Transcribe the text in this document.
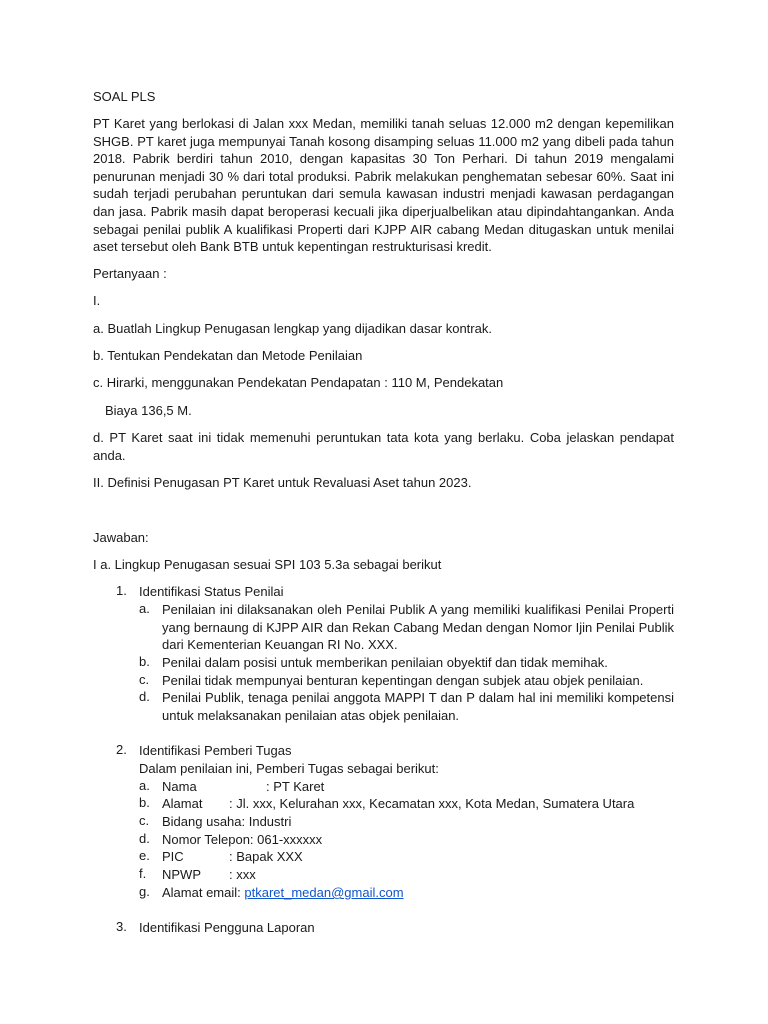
SOAL PLS

PT Karet yang berlokasi di Jalan xxx Medan, memiliki tanah seluas 12.000 m2 dengan kepemilikan SHGB. PT karet juga mempunyai Tanah kosong disamping seluas 11.000 m2 yang dibeli pada tahun 2018. Pabrik berdiri tahun 2010, dengan kapasitas 30 Ton Perhari. Di tahun 2019 mengalami penurunan menjadi 30 % dari total produksi. Pabrik melakukan penghematan sebesar 60%. Saat ini sudah terjadi perubahan peruntukan dari semula kawasan industri menjadi kawasan perdagangan dan jasa. Pabrik masih dapat beroperasi kecuali jika diperjualbelikan atau dipindahtangankan. Anda sebagai penilai publik A kualifikasi Properti dari KJPP AIR cabang Medan ditugaskan untuk menilai aset tersebut oleh Bank BTB untuk kepentingan restrukturisasi kredit.

Pertanyaan :

I.

a. Buatlah Lingkup Penugasan lengkap yang dijadikan dasar kontrak.

b. Tentukan Pendekatan dan Metode Penilaian

c. Hirarki, menggunakan Pendekatan Pendapatan : 110 M, Pendekatan

Biaya 136,5 M.

d. PT Karet saat ini tidak memenuhi peruntukan tata kota yang berlaku. Coba jelaskan pendapat anda.

II. Definisi Penugasan PT Karet untuk Revaluasi Aset tahun 2023.

Jawaban:

I a. Lingkup Penugasan sesuai SPI 103 5.3a sebagai berikut

1. Identifikasi Status Penilai
a. Penilaian ini dilaksanakan oleh Penilai Publik A yang memiliki kualifikasi Penilai Properti yang bernaung di KJPP AIR dan Rekan Cabang Medan dengan Nomor Ijin Penilai Publik dari Kementerian Keuangan RI No. XXX.
b. Penilai dalam posisi untuk memberikan penilaian obyektif dan tidak memihak.
c. Penilai tidak mempunyai benturan kepentingan dengan subjek atau objek penilaian.
d. Penilai Publik, tenaga penilai anggota MAPPI T dan P dalam hal ini memiliki kompetensi untuk melaksanakan penilaian atas objek penilaian.
2. Identifikasi Pemberi Tugas
Dalam penilaian ini, Pemberi Tugas sebagai berikut:
a. Nama	: PT Karet
b. Alamat : Jl. xxx, Kelurahan xxx, Kecamatan xxx, Kota Medan, Sumatera Utara
c. Bidang usaha: Industri
d. Nomor Telepon: 061-xxxxxx
e. PIC	: Bapak XXX
f. NPWP : xxx
g. Alamat email: ptkaret_medan@gmail.com
3. Identifikasi Pengguna Laporan
